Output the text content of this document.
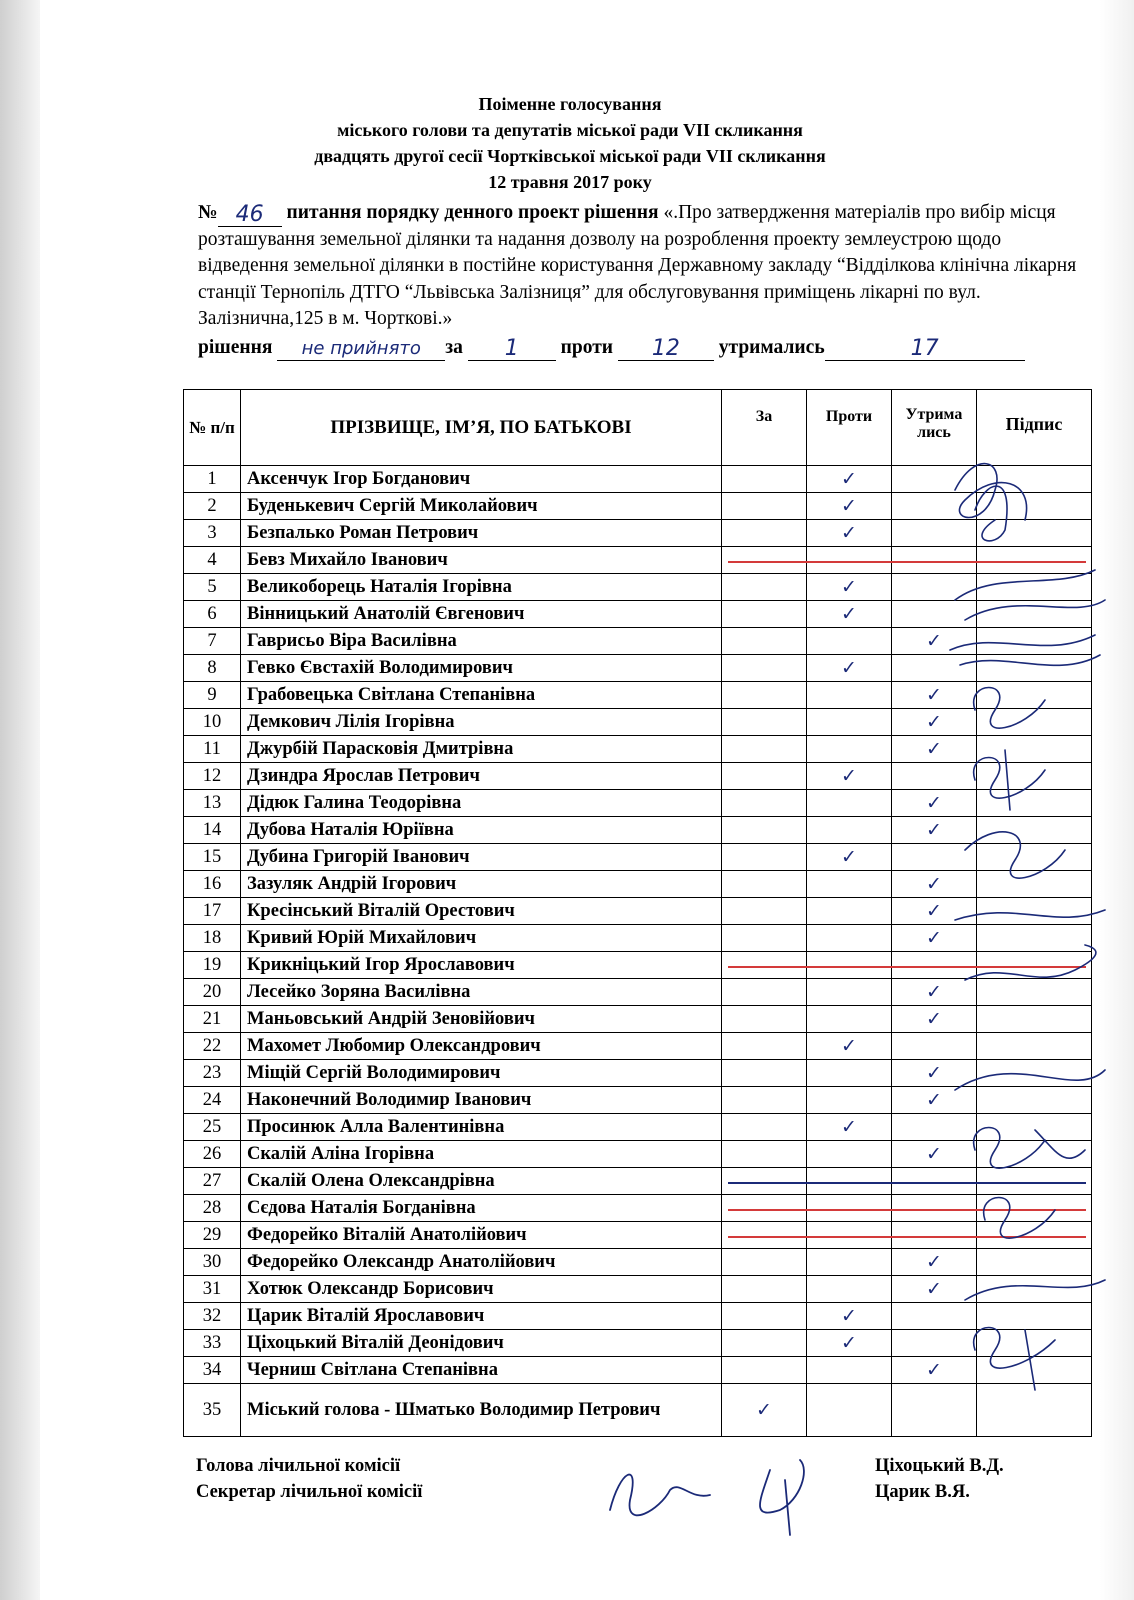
Поіменне голосування
міського голови та депутатів міської ради VII скликання
двадцять другої сесії Чортківської міської ради VII скликання
12 травня 2017 року
№ 46 питання порядку денного проект рішення «.Про затвердження матеріалів про вибір місця розташування земельної ділянки та надання дозволу на розроблення проекту землеустрою щодо відведення земельної ділянки в постійне користування Державному закладу “Відділкова клінічна лікарня станції Тернопіль ДТГО “Львівська Залізниця” для обслуговування приміщень лікарні по вул. Залізнична,125 в м. Чорткові.»
рішення не прийнято за 1 проти 12 утримались	17
№ п/п	ПРІЗВИЩЕ, ІМ’Я, ПО БАТЬКОВІ	За	Проти	Утрима лись	Підпис
1	Аксенчук Ігор Богданович		✓		
2	Буденькевич Сергій Миколайович		✓		
3	Безпалько Роман Петрович		✓		
4	Бевз Михайло Іванович				
5	Великоборець Наталія Ігорівна		✓		
6	Вінницький Анатолій Євгенович		✓		
7	Гаврисьо Віра Василівна			✓	
8	Гевко Євстахій Володимирович		✓		
9	Грабовецька Світлана Степанівна			✓	
10	Демкович Лілія Ігорівна			✓	
11	Джурбій Парасковія Дмитрівна			✓	
12	Дзиндра Ярослав Петрович		✓		
13	Дідюк Галина Теодорівна			✓	
14	Дубова Наталія Юріївна			✓	
15	Дубина Григорій Іванович		✓		
16	Зазуляк Андрій Ігорович			✓	
17	Кресінський Віталій Орестович			✓	
18	Кривий Юрій Михайлович			✓	
19	Крикніцький Ігор Ярославович				
20	Лесейко Зоряна Василівна			✓	
21	Маньовський Андрій Зеновійович			✓	
22	Махомет Любомир Олександрович		✓		
23	Міщій Сергій Володимирович			✓	
24	Наконечний Володимир Іванович			✓	
25	Просинюк Алла Валентинівна		✓		
26	Скалій Аліна Ігорівна			✓	
27	Скалій Олена Олександрівна				
28	Сєдова Наталія Богданівна				
29	Федорейко Віталій Анатолійович				
30	Федорейко Олександр Анатолійович			✓	
31	Хотюк Олександр Борисович			✓	
32	Царик Віталій Ярославович		✓		
33	Ціхоцький Віталій Деонідович		✓		
34	Черниш Світлана Степанівна			✓	
35	Міський голова - Шматько Володимир Петрович	✓			
Голова лічильної комісії
Секретар лічильної комісії
Ціхоцький В.Д.
Царик В.Я.
